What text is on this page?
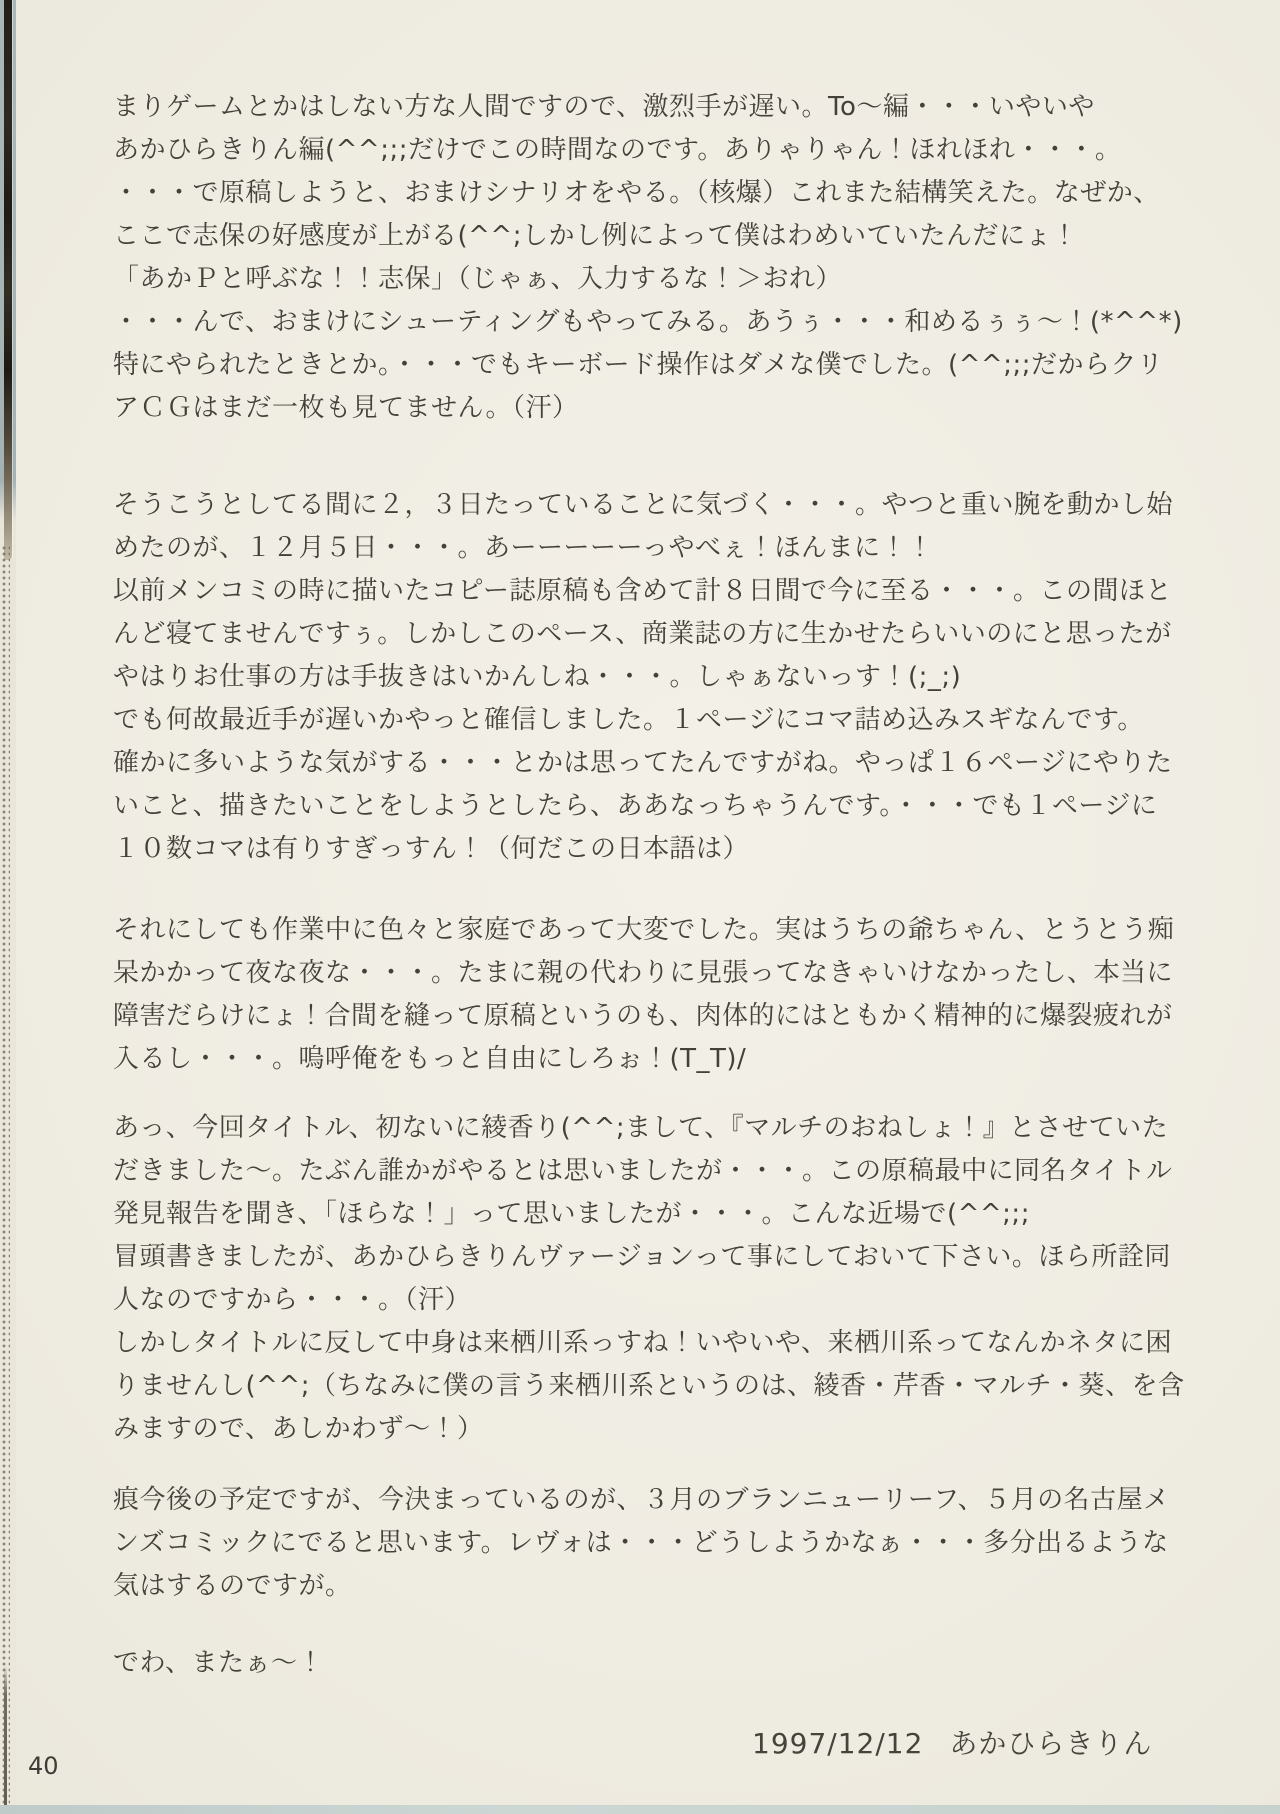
まりゲームとかはしない方な人間ですので、激烈手が遅い。To〜編・・・いやいや
あかひらきりん編(^^;;;だけでこの時間なのです。ありゃりゃん！ほれほれ・・・。
・・・で原稿しようと、おまけシナリオをやる。（核爆）これまた結構笑えた。なぜか、
ここで志保の好感度が上がる(^^;しかし例によって僕はわめいていたんだにょ！
「あかＰと呼ぶな！！志保」（じゃぁ、入力するな！＞おれ）
・・・んで、おまけにシューティングもやってみる。あうぅ・・・和めるぅぅ〜！(*^^*)
特にやられたときとか。・・・でもキーボード操作はダメな僕でした。(^^;;;だからクリ
アＣＧはまだ一枚も見てません。（汗）

そうこうとしてる間に２，３日たっていることに気づく・・・。やつと重い腕を動かし始
めたのが、１２月５日・・・。あーーーーーっやべぇ！ほんまに！！
以前メンコミの時に描いたコピー誌原稿も含めて計８日間で今に至る・・・。この間ほと
んど寝てませんですぅ。しかしこのペース、商業誌の方に生かせたらいいのにと思ったが
やはりお仕事の方は手抜きはいかんしね・・・。しゃぁないっす！(;_;)
でも何故最近手が遅いかやっと確信しました。１ページにコマ詰め込みスギなんです。
確かに多いような気がする・・・とかは思ってたんですがね。やっぱ１６ページにやりた
いこと、描きたいことをしようとしたら、ああなっちゃうんです。・・・でも１ページに
１０数コマは有りすぎっすん！（何だこの日本語は）

それにしても作業中に色々と家庭であって大変でした。実はうちの爺ちゃん、とうとう痴
呆かかって夜な夜な・・・。たまに親の代わりに見張ってなきゃいけなかったし、本当に
障害だらけにょ！合間を縫って原稿というのも、肉体的にはともかく精神的に爆裂疲れが
入るし・・・。嗚呼俺をもっと自由にしろぉ！(T_T)/

あっ、今回タイトル、初ないに綾香り(^^;まして、『マルチのおねしょ！』とさせていた
だきました〜。たぶん誰かがやるとは思いましたが・・・。この原稿最中に同名タイトル
発見報告を聞き、「ほらな！」って思いましたが・・・。こんな近場で(^^;;;
冒頭書きましたが、あかひらきりんヴァージョンって事にしておいて下さい。ほら所詮同
人なのですから・・・。（汗）
しかしタイトルに反して中身は来栖川系っすね！いやいや、来栖川系ってなんかネタに困
りませんし(^^;（ちなみに僕の言う来栖川系というのは、綾香・芹香・マルチ・葵、を含
みますので、あしかわず〜！）

痕今後の予定ですが、今決まっているのが、３月のブランニューリーフ、５月の名古屋メ
ンズコミックにでると思います。レヴォは・・・どうしようかなぁ・・・多分出るような
気はするのですが。

でわ、またぁ〜！

1997/12/12 あかひらきりん
40
